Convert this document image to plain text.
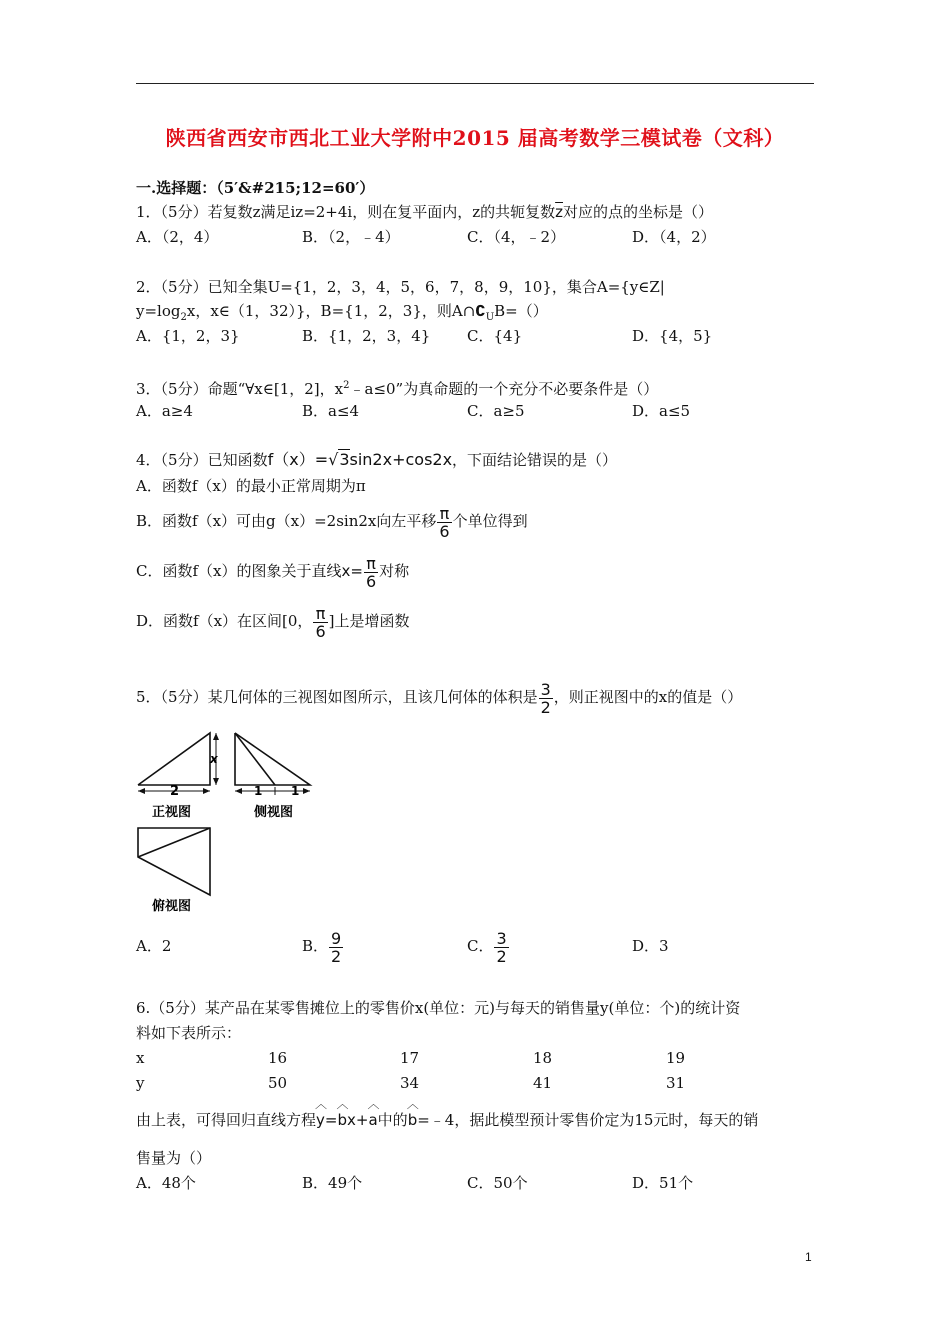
陕西省西安市西北工业大学附中2015 届高考数学三模试卷（文科）
一.选择题：（5′&#215;12=60′）
1．（5分）若复数z满足iz=2+4i，则在复平面内，z的共轭复数$\overline{z}$对应的点的坐标是（）
A．（2，4）	B．（2，﹣4）	C．（4，﹣2）	D．（4，2）
2．（5分）已知全集U={1，2，3，4，5，6，7，8，9，10}，集合A={y∈Z|
$y=\log_2x$，x∈（1，32）}，B={1，2，3}，则$A\cap∁_UB=()$
A．{1，2，3}	B．{1，2，3，4} C．{4}	D．{4，5}
3．（5分）命题“∀x∈[1，2]，$x^2﹣a\le 0$”为真命题的一个充分不必要条件是（）
A．a≥4	B．a≤4	C．a≥5	D．a≤5
4．（5分）已知函数f（x）=√3sin2x+cos2x，下面结论错误的是（）
A．函数f（x）的最小正常周期为π
B．函数f（x）可由g（x）=2sin2x向左平移 $\frac{\pi}{6}$ 个单位得到
C．函数f（x）的图象关于直线$x= \frac{\pi}{6}$ 对称
D．函数f（x）在区间[0， $\frac{\pi}{6}$ ]上是增函数
5．（5分）某几何体的三视图如图所示，且该几何体的体积是 $\frac{3}{2}$ ，则正视图中的x的值是（）
x
2
正视图
1 1
侧视图
俯视图
A．2	B． $\frac{9}{2}$	C． $\frac{3}{2}$	D．3
6.（5分）某产品在某零售摊位上的零售价x(单位：元)与每天的销售量y(单位：个)的统计资
料如下表所示：
x	16	17	18	19
y	50	34	41	31
由上表，可得回归直线方程︿ y=︿ bx+︿ a中的︿ b=﹣4，据此模型预计零售价定为15元时，每天的销
售量为（）
A．48个	B．49个	C．50个	D．51个
1
